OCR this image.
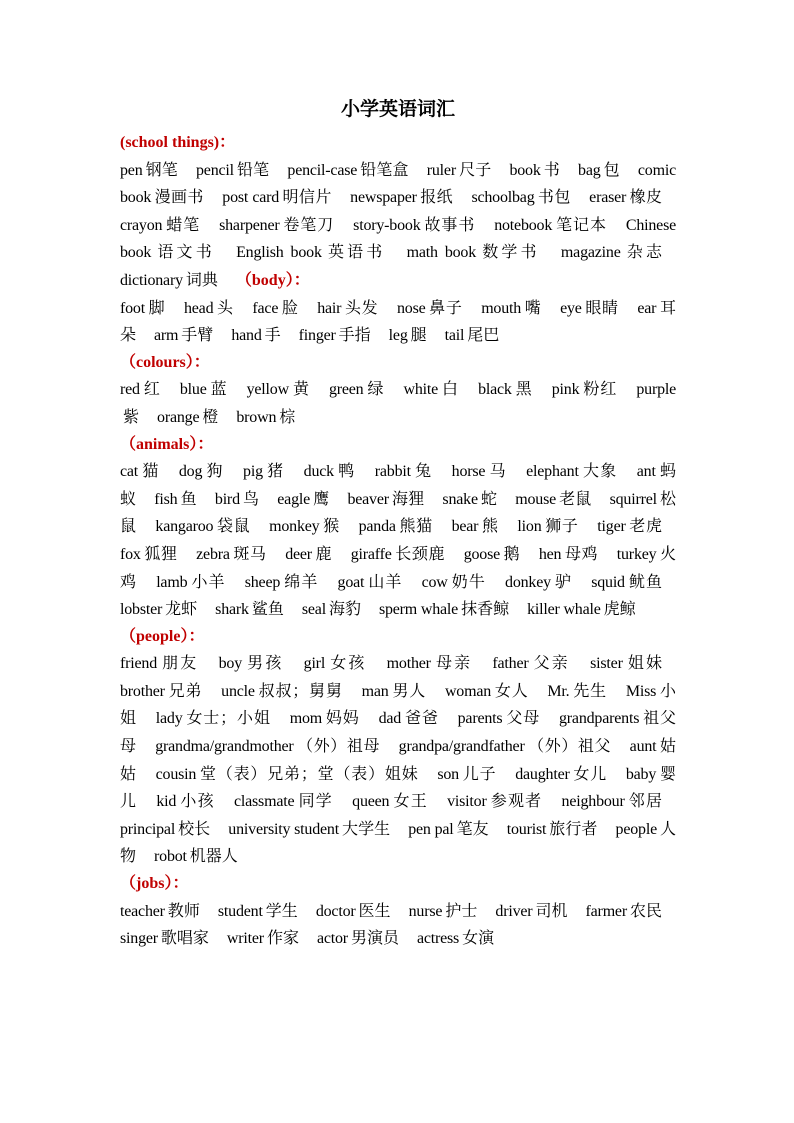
小学英语词汇
(school things)：
pen 钢笔 pencil 铅笔 pencil-case 铅笔盒 ruler 尺子 book 书 bag 包 comic book 漫画书 post card 明信片 newspaper 报纸 schoolbag 书包 eraser 橡皮 crayon 蜡笔 sharpener 卷笔刀 story-book 故事书 notebook 笔记本 Chinese book 语文书 English book 英语书 math book 数学书 magazine 杂志 dictionary 词典 （body）：
foot 脚 head 头 face 脸 hair 头发 nose 鼻子 mouth 嘴 eye 眼睛 ear 耳朵 arm 手臂 hand 手 finger 手指 leg 腿 tail 尾巴
（colours）：
red 红 blue 蓝 yellow 黄 green 绿 white 白 black 黑 pink 粉红 purple紫 orange 橙 brown 棕
（animals）：
cat 猫 dog 狗 pig 猪 duck 鸭 rabbit 兔 horse 马 elephant 大象 ant 蚂蚁 fish 鱼 bird 鸟 eagle 鹰 beaver 海狸 snake 蛇 mouse 老鼠 squirrel 松鼠 kangaroo 袋鼠 monkey 猴 panda 熊猫 bear 熊 lion 狮子 tiger 老虎 fox 狐狸 zebra 斑马 deer 鹿 giraffe 长颈鹿 goose 鹅 hen 母鸡 turkey 火鸡 lamb 小羊 sheep 绵羊 goat 山羊 cow 奶牛 donkey 驴 squid 鱿鱼 lobster 龙虾 shark 鲨鱼 seal 海豹 sperm whale 抹香鲸 killer whale 虎鲸
（people）：
friend 朋友 boy 男孩 girl 女孩 mother 母亲 father 父亲 sister 姐妹 brother 兄弟 uncle 叔叔；舅舅 man 男人 woman 女人 Mr. 先生 Miss 小姐 lady 女士；小姐 mom 妈妈 dad 爸爸 parents 父母 grandparents 祖父母 grandma/grandmother （外）祖母 grandpa/grandfather （外）祖父 aunt 姑姑 cousin 堂（表）兄弟；堂（表）姐妹 son 儿子 daughter 女儿 baby 婴儿 kid 小孩 classmate 同学 queen 女王 visitor 参观者 neighbour 邻居 principal 校长 university student 大学生 pen pal 笔友 tourist 旅行者 people 人物 robot 机器人
（jobs）：
teacher 教师 student 学生 doctor 医生 nurse 护士 driver 司机 farmer 农民 singer 歌唱家 writer 作家 actor 男演员 actress 女演
